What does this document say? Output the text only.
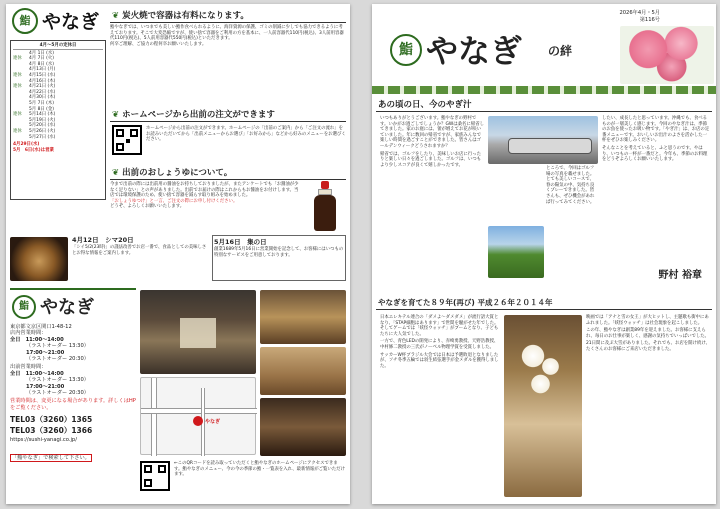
鮨 やなぎ
4月～5月の定休日
4月 1日 (水)
連休	4月 7日 (火)
4月 8日 (水)
4月13日 (月)
連休	4月15日 (水)
4月16日 (木)
連休	4月21日 (火)
4月22日 (水)
4月30日 (木)
5月 7日 (木)
5月 8日 (金)
連休	5月14日 (木)
5月19日 (火)
5月20日 (水)
連休	5月26日 (火)
5月27日 (水)
4月29日(水)
5月　6日(水)は営業
❦ 炭火焼で容器は有料になります。
鮨やなぎでは、いつまでも美しい鮨作食べられるように、海洋資源の保護、ゴミの削減に少しでも協力できるように考えております。そこで大変恐縮ですが、使い捨て容器をご利用の方を基本に、一人前容器代110円(税込)、3人前用容器代110円(税込)、5人前用容器代550円(税込)といただきます。
何卒ご理解、ご協力の程何卒お願いいたします。
❦ ホームページから出前の注文ができます
ホームページから出前の注文ができます。ホームページの「出前のご案内」から「ご注文の流れ」をお読みいただいてから「出前メニューからお選び」「お好みから」などから好みのメニューをお選びください。
❦ 出前のおしょうゆについて。
今まで出前の際には出前用の醤油をお持ちしておりましたが、またアンケートでも「お醤油が少なく足りない」との声がありました。出前でお届けの際はこれからもお醤油をお付けします。当店では環境保護のため、使い捨て容器を減らす取り組みを始めました。
「おしょうゆつけ」と一言、ご注文の際にお申し付けください。
どうぞ、よろしくお願いいたします。
4月12日　シマ20日
「シイ5/2(23時)」の謹法改善でお店一番で、食品としての美味しさとお得な情報をご案内します。
5月16日　集の日
創業1689年5月16日に営業開始を記念して、お客様にはいつもの特別なサービスをご用意しております。
鮨 やなぎ
東京都文京区関口1-48-12
店内営業時間：
全日　11:00～14:00
（ラストオーダー 13:30）
17:00～21:00
（ラストオーダー 20:30）
出前営業時間：
全日　11:00～14:00
（ラストオーダー 13:30）
17:00～21:00
（ラストオーダー 20:30）
営業時間は、変更になる場合があります。詳しくはHPをご覧ください。
TEL03（3260）1365
TEL03（3260）1366
https://sushi-yanagi.co.jp/
「鮨やなぎ」で検索して下さい。
やなぎ
←このQRコードを読み取っていただくと鮨やなぎのホームページにアクセスできます。鮨やなぎのメニュー、今の今の季節の鮨・一覧表を入れ、最新情報がご覧いただけます。
2026年4月・5月
第116号
鮨 やなぎ の絆
あの頃の日、今のやぎ汁
いつもありがとうございます。鮨やなぎの野村です。いかがお過ごしでしょうか？GWは桑名に帰省してきました。家のお庭には、蕾が増えてお花が咲いていました。年に数回の帰省ですが、家族みんなで楽しい時間を過ごすことができました。皆さんはゴールデンウィークどうされますか？
帰省では、ゴルフをしたり、美味しいお店に行ったりと楽しい日々を過ごしました。ゴルフは、いつもより少しスコアが良くて嬉しかったです。
ところで、今回はゴルフ場の写真を載せました。とても美しいコースで、春の陽気の中、気持ち良くプレーできました。皆さんも、ぜひ機会があれば行ってみてください。
したい、成長したと思っています。沖縄でも、食べるものが一層美しく感じます。今回のやなぎ汁は、季節のお魚を使ったお吸い物です。「やぎ汁」は、お店の定番メニューです。おいしいお出汁のよさを活かした一杯をぜひお楽しみください。
そんなことを考えていると、ふと思うのです。やはり、いつもの一杯が一番だと。今年も、季節のお料理をどうぞよろしくお願いいたします。
野村 裕章
やなぎを育てた８９年(再び) 平成２６年２０１４年
日本エレキテル連合の「ダメよ～ダメダメ」が流行語大賞となり、「STAP細胞はあります」で世間を騒がせた年でした。そしてゲームでは「妖怪ウォッチ」がブームとなり、子どもたちに大人気でした。
一方で、青色LEDの開発により、赤崎勇教授、天野浩教授、中村修二教授の三氏がノーベル物理学賞を受賞しました。
サッカーW杯ブラジル大会では日本は予選敗退となりましたが、ソチ冬季五輪では羽生結弦選手が金メダルを獲得しました。
映画では「アナと雪の女王」が大ヒットし、主題歌も街中にあふれました。「妖怪ウォッチ」は社会現象を起こしました。
この年、鮨やなぎは創業89年を迎えました。お客様に支えられ、毎日のお仕事が楽しく、感謝の気持ちでいっぱいでした。
21日間に及ぶ大雪がありました。それでも、お店を開け続け、たくさんのお客様にご来店いただきました。
